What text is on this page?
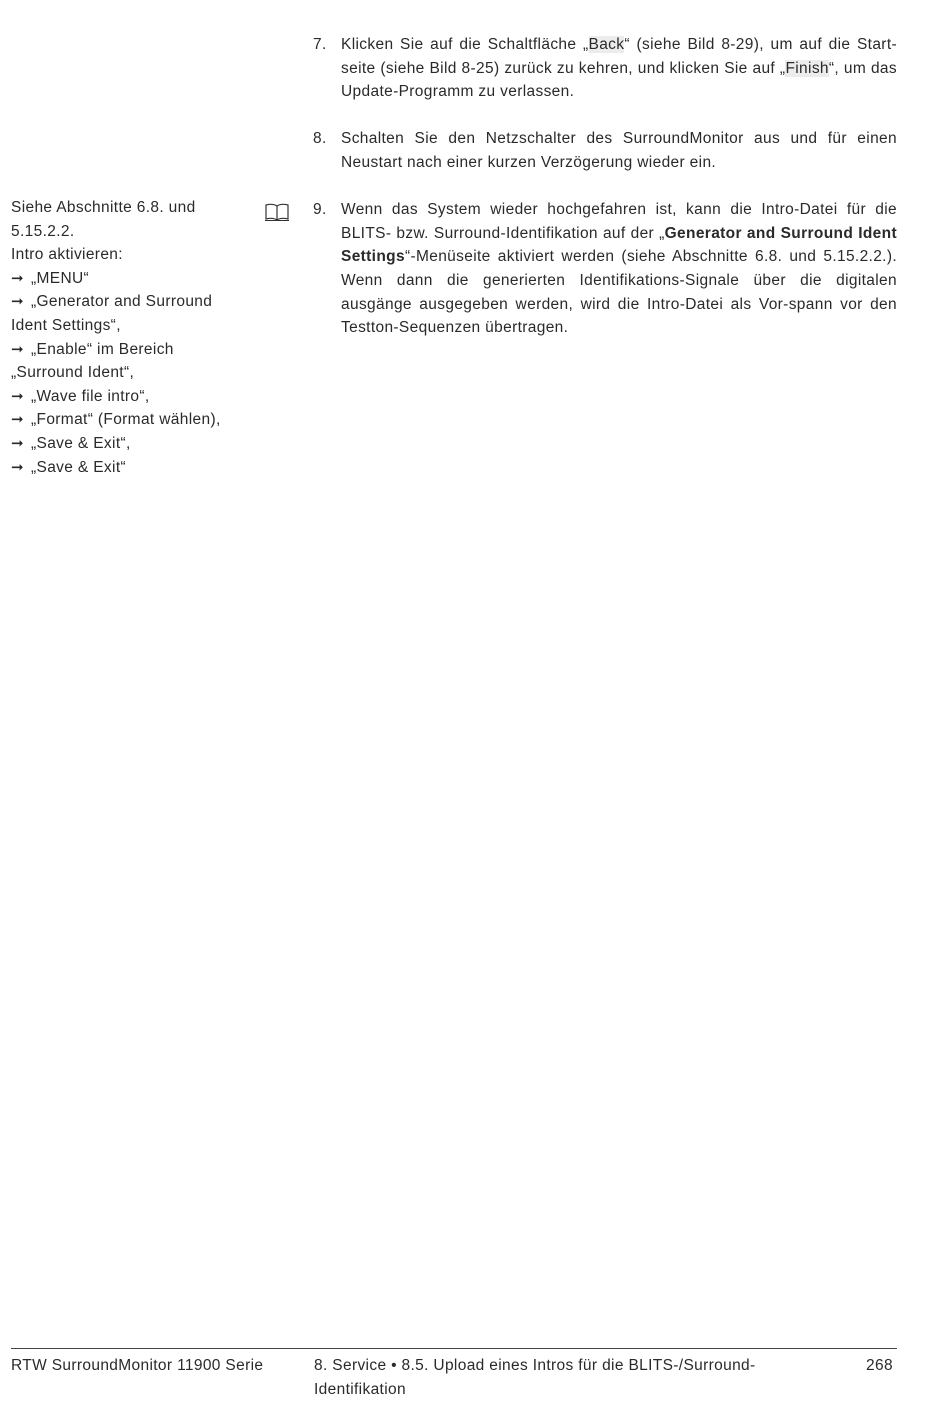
7. Klicken Sie auf die Schaltfläche „Back“ (siehe Bild 8-29), um auf die Start-seite (siehe Bild 8-25) zurück zu kehren, und klicken Sie auf „Finish“, um das Update-Programm zu verlassen.
8. Schalten Sie den Netzschalter des SurroundMonitor aus und für einen Neustart nach einer kurzen Verzögerung wieder ein.
9. Wenn das System wieder hochgefahren ist, kann die Intro-Datei für die BLITS- bzw. Surround-Identifikation auf der „Generator and Surround Ident Settings“-Menüseite aktiviert werden (siehe Abschnitte 6.8. und 5.15.2.2.). Wenn dann die generierten Identifikations-Signale über die digitalen ausgänge ausgegeben werden, wird die Intro-Datei als Vor-spann vor den Testton-Sequenzen übertragen.
Siehe Abschnitte 6.8. und
5.15.2.2.
Intro aktivieren:
➞ „MENU“
➞ „Generator and Surround
Ident Settings“,
➞ „Enable“ im Bereich
„Surround Ident“,
➞ „Wave file intro“,
➞ „Format“ (Format wählen),
➞ „Save & Exit“,
➞ „Save & Exit“
RTW SurroundMonitor 11900 Serie	8. Service • 8.5. Upload eines Intros für die BLITS-/Surround-Identifikation
268
